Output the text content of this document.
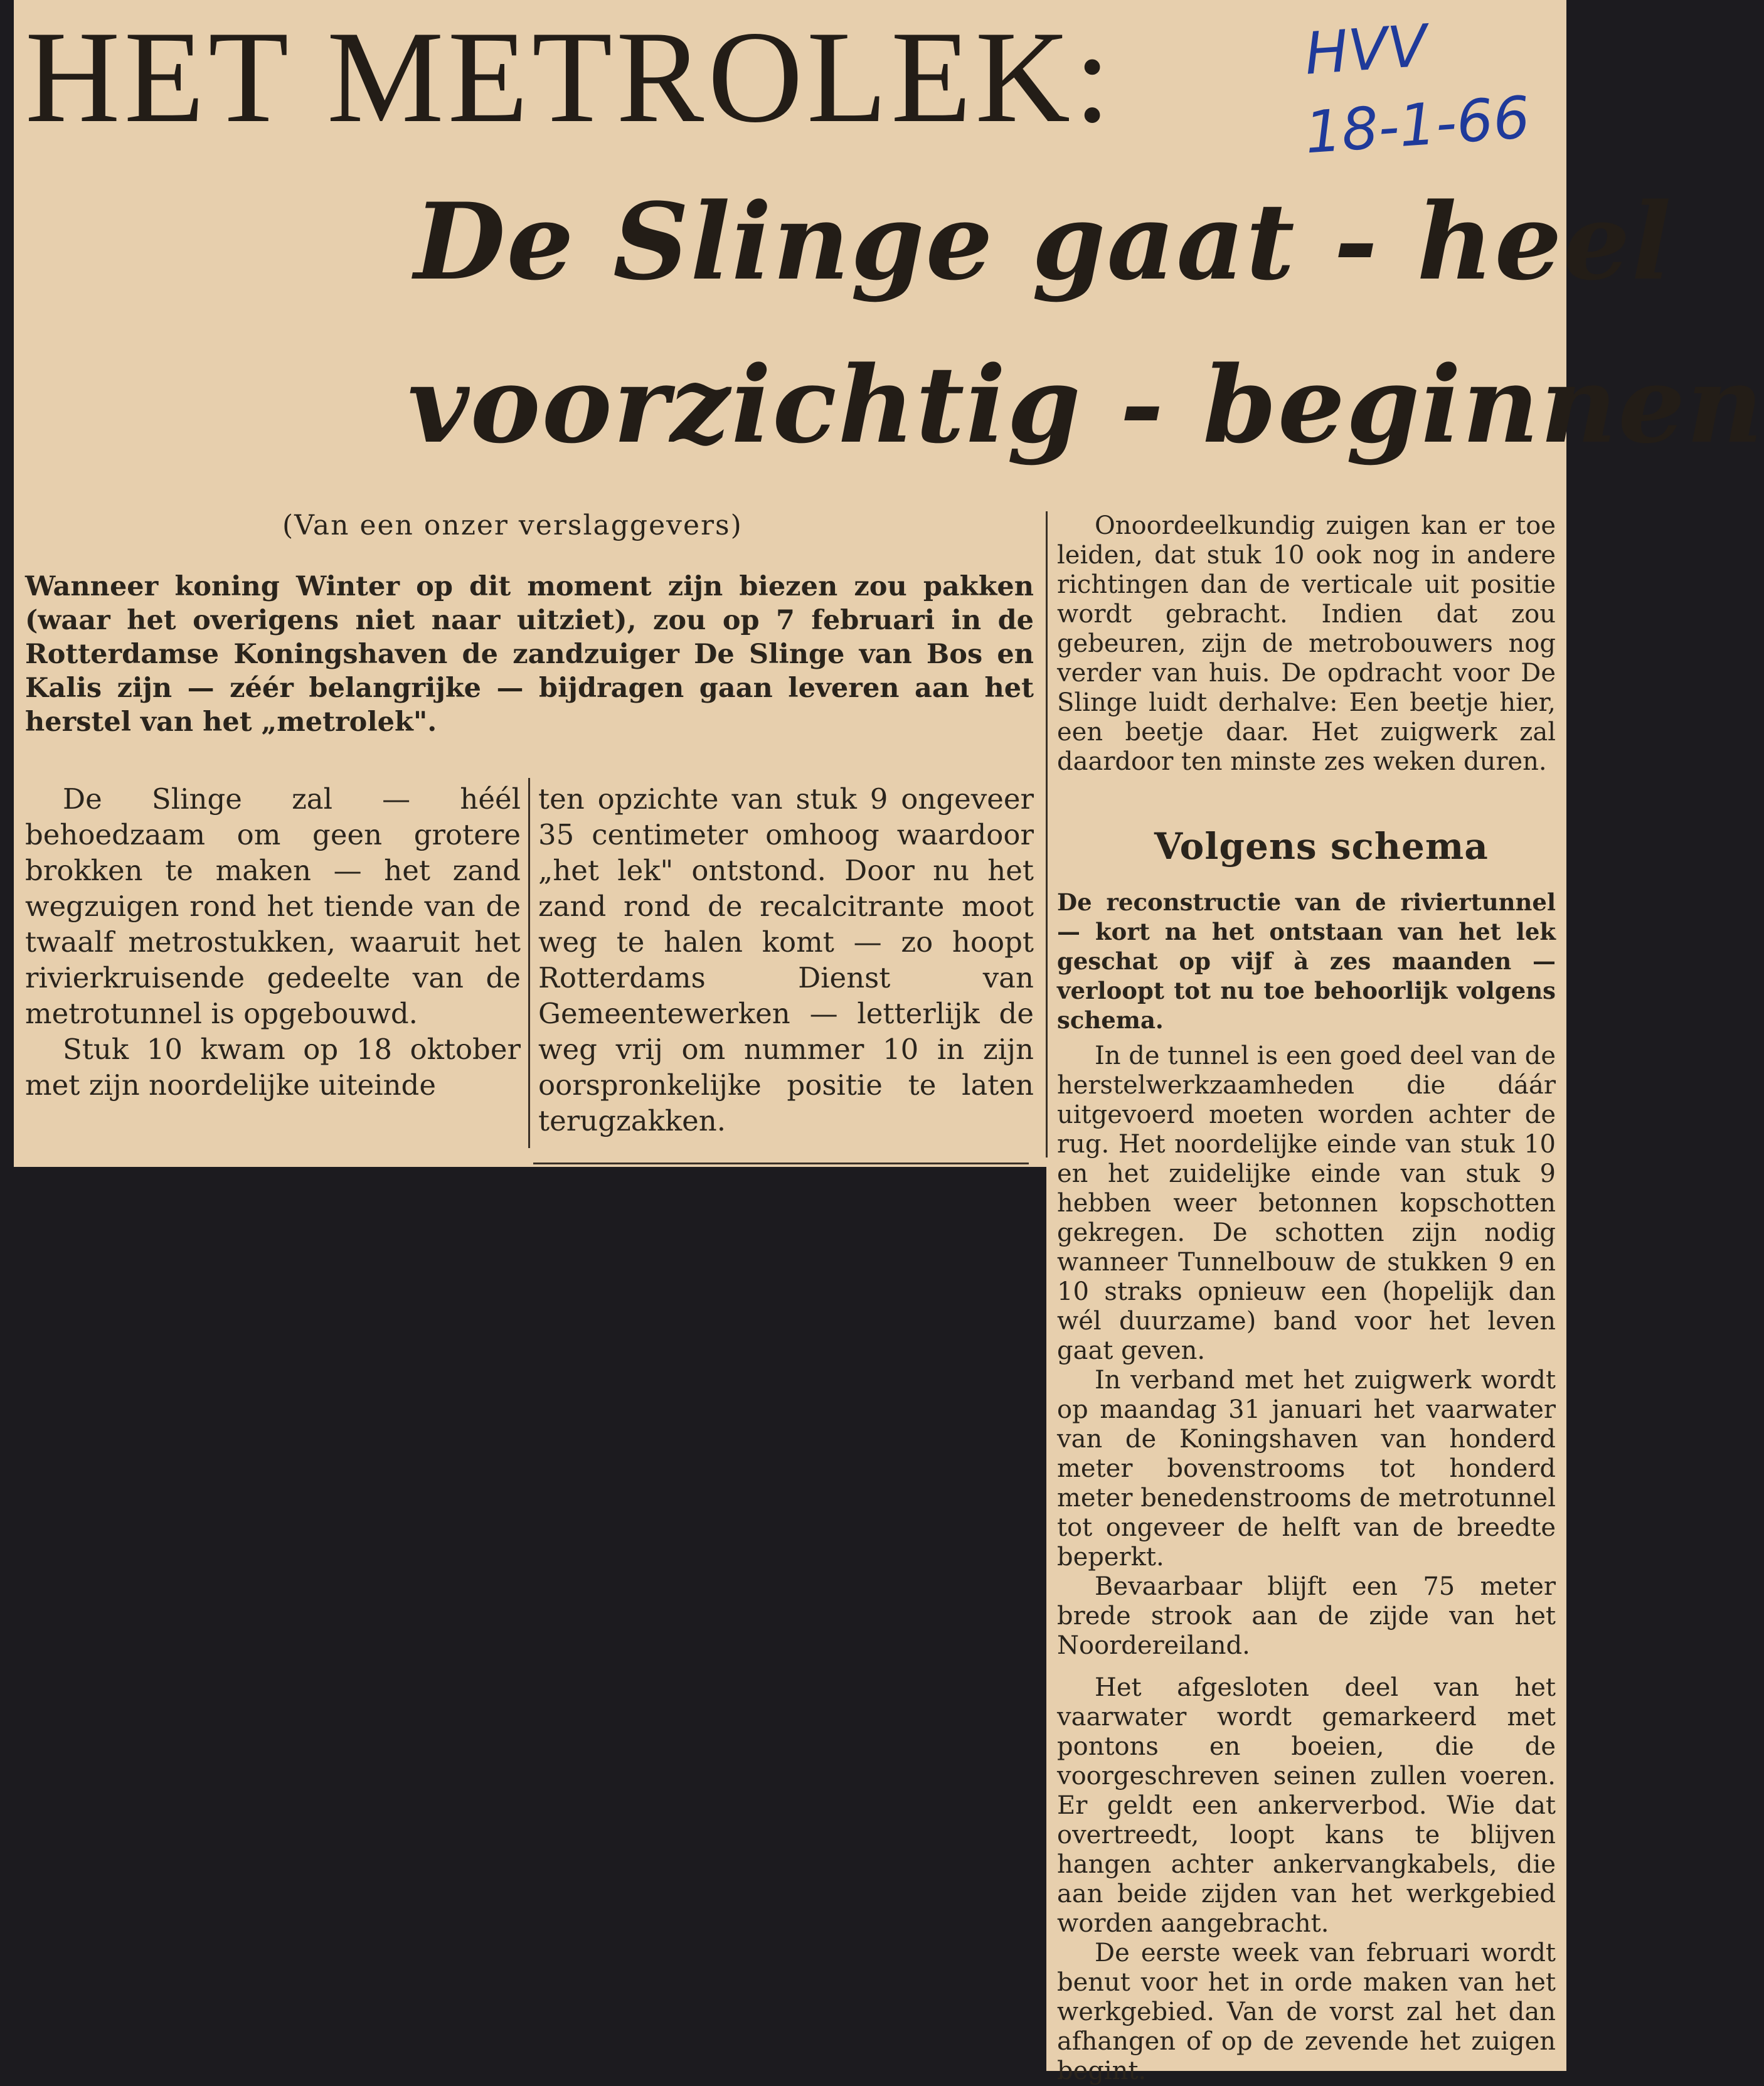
HET METROLEK:	HVV
18-1-66
De Slinge gaat - heel
voorzichtig - beginnen
(Van een onzer verslaggevers)
Wanneer koning Winter op dit moment zijn biezen zou pakken (waar het overigens niet naar uitziet), zou op 7 februari in de Rotterdamse Koningshaven de zandzuiger De Slinge van Bos en Kalis zijn — zéér belangrijke — bijdragen gaan leveren aan het herstel van het „metrolek".

De Slinge zal — héél behoedzaam om geen grotere brokken te maken — het zand wegzuigen rond het tiende van de twaalf metrostukken, waaruit het rivierkruisende gedeelte van de metrotunnel is opgebouwd.

Stuk 10 kwam op 18 oktober met zijn noordelijke uiteinde

ten opzichte van stuk 9 ongeveer 35 centimeter omhoog waardoor „het lek" ontstond. Door nu het zand rond de recalcitrante moot weg te halen komt — zo hoopt Rotterdams Dienst van Gemeentewerken — letterlijk de weg vrij om nummer 10 in zijn oorspronkelijke positie te laten terugzakken.

Onoordeelkundig zuigen kan er toe leiden, dat stuk 10 ook nog in andere richtingen dan de verticale uit positie wordt gebracht. Indien dat zou gebeuren, zijn de metrobouwers nog verder van huis. De opdracht voor De Slinge luidt derhalve: Een beetje hier, een beetje daar. Het zuigwerk zal daardoor ten minste zes weken duren.

Volgens schema
De reconstructie van de riviertunnel — kort na het ontstaan van het lek geschat op vijf à zes maanden — verloopt tot nu toe behoorlijk volgens schema.

In de tunnel is een goed deel van de herstelwerkzaamheden die dáár uitgevoerd moeten worden achter de rug. Het noordelijke einde van stuk 10 en het zuidelijke einde van stuk 9 hebben weer betonnen kopschotten gekregen. De schotten zijn nodig wanneer Tunnelbouw de stukken 9 en 10 straks opnieuw een (hopelijk dan wél duurzame) band voor het leven gaat geven.

In verband met het zuigwerk wordt op maandag 31 januari het vaarwater van de Koningshaven van honderd meter bovenstrooms tot honderd meter benedenstrooms de metrotunnel tot ongeveer de helft van de breedte beperkt.

Bevaarbaar blijft een 75 meter brede strook aan de zijde van het Noordereiland.

Het afgesloten deel van het vaarwater wordt gemarkeerd met pontons en boeien, die de voorgeschreven seinen zullen voeren. Er geldt een ankerverbod. Wie dat overtreedt, loopt kans te blijven hangen achter ankervangkabels, die aan beide zijden van het werkgebied worden aangebracht.

De eerste week van februari wordt benut voor het in orde maken van het werkgebied. Van de vorst zal het dan afhangen of op de zevende het zuigen begint.
